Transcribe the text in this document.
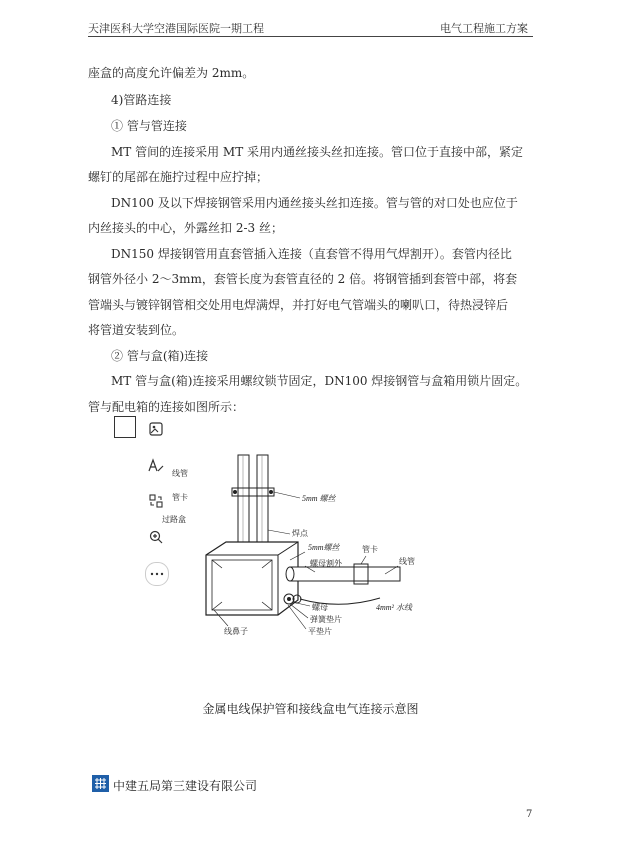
天津医科大学空港国际医院一期工程	电气工程施工方案
座盒的高度允许偏差为 2mm。
4)管路连接
① 管与管连接
MT 管间的连接采用 MT 采用内通丝接头丝扣连接。管口位于直接中部，紧定
螺钉的尾部在施拧过程中应拧掉；
DN100 及以下焊接钢管采用内通丝接头丝扣连接。管与管的对口处也应位于
内丝接头的中心，外露丝扣 2-3 丝；
DN150 焊接钢管用直套管插入连接（直套管不得用气焊割开）。套管内径比
钢管外径小 2～3mm，套管长度为套管直径的 2 倍。将钢管插到套管中部，将套
管端头与镀锌钢管相交处用电焊满焊，并打好电气管端头的喇叭口，待热浸锌后
将管道安装到位。
② 管与盒(箱)连接
MT 管与盒(箱)连接采用螺纹锁节固定，DN100 焊接钢管与盒箱用锁片固定。
管与配电箱的连接如图所示：
线管
管卡
过路盒
5mm 螺丝
焊点
5mm螺丝	管卡
螺母割外	线管
螺母	4mm² 水线
弹簧垫片
平垫片
线鼻子
金属电线保护管和接线盒电气连接示意图
中建五局第三建设有限公司
7
